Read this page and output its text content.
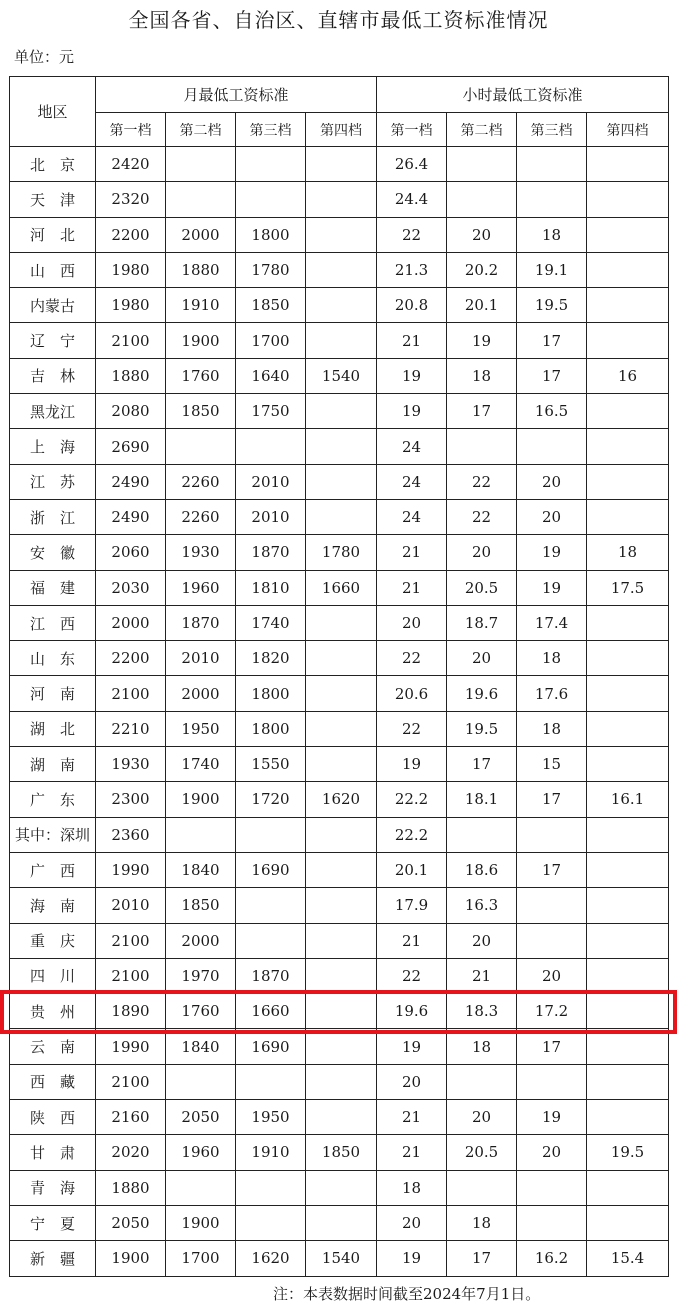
全国各省、自治区、直辖市最低工资标准情况
单位：元
地区	月最低工资标准				小时最低工资标准			
	第一档	第二档	第三档	第四档	第一档	第二档	第三档	第四档
北　京	2420				26.4			
天　津	2320				24.4			
河　北	2200	2000	1800		22	20	18	
山　西	1980	1880	1780		21.3	20.2	19.1	
内蒙古	1980	1910	1850		20.8	20.1	19.5	
辽　宁	2100	1900	1700		21	19	17	
吉　林	1880	1760	1640	1540	19	18	17	16
黑龙江	2080	1850	1750		19	17	16.5	
上　海	2690				24			
江　苏	2490	2260	2010		24	22	20	
浙　江	2490	2260	2010		24	22	20	
安　徽	2060	1930	1870	1780	21	20	19	18
福　建	2030	1960	1810	1660	21	20.5	19	17.5
江　西	2000	1870	1740		20	18.7	17.4	
山　东	2200	2010	1820		22	20	18	
河　南	2100	2000	1800		20.6	19.6	17.6	
湖　北	2210	1950	1800		22	19.5	18	
湖　南	1930	1740	1550		19	17	15	
广　东	2300	1900	1720	1620	22.2	18.1	17	16.1
其中：深圳	2360				22.2			
广　西	1990	1840	1690		20.1	18.6	17	
海　南	2010	1850			17.9	16.3		
重　庆	2100	2000			21	20		
四　川	2100	1970	1870		22	21	20	
贵　州	1890	1760	1660		19.6	18.3	17.2	
云　南	1990	1840	1690		19	18	17	
西　藏	2100				20			
陕　西	2160	2050	1950		21	20	19	
甘　肃	2020	1960	1910	1850	21	20.5	20	19.5
青　海	1880				18			
宁　夏	2050	1900			20	18		
新　疆	1900	1700	1620	1540	19	17	16.2	15.4
注：本表数据时间截至2024年7月1日。
